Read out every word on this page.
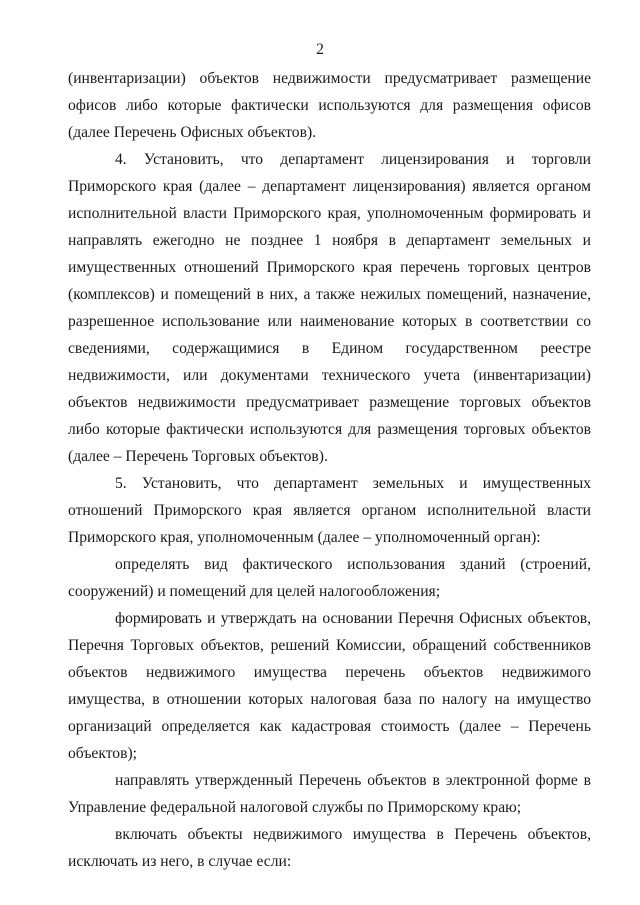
2

(инвентаризации) объектов недвижимости предусматривает размещение офисов либо которые фактически используются для размещения офисов (далее Перечень Офисных объектов).

4. Установить, что департамент лицензирования и торговли Приморского края (далее – департамент лицензирования) является органом исполнительной власти Приморского края, уполномоченным формировать и направлять ежегодно не позднее 1 ноября в департамент земельных и имущественных отношений Приморского края перечень торговых центров (комплексов) и помещений в них, а также нежилых помещений, назначение, разрешенное использование или наименование которых в соответствии со сведениями, содержащимися в Едином государственном реестре недвижимости, или документами технического учета (инвентаризации) объектов недвижимости предусматривает размещение торговых объектов либо которые фактически используются для размещения торговых объектов (далее – Перечень Торговых объектов).

5. Установить, что департамент земельных и имущественных отношений Приморского края является органом исполнительной власти Приморского края, уполномоченным (далее – уполномоченный орган):

определять вид фактического использования зданий (строений, сооружений) и помещений для целей налогообложения;

формировать и утверждать на основании Перечня Офисных объектов, Перечня Торговых объектов, решений Комиссии, обращений собственников объектов недвижимого имущества перечень объектов недвижимого имущества, в отношении которых налоговая база по налогу на имущество организаций определяется как кадастровая стоимость (далее – Перечень объектов);

направлять утвержденный Перечень объектов в электронной форме в Управление федеральной налоговой службы по Приморскому краю;

включать объекты недвижимого имущества в Перечень объектов, исключать из него, в случае если:
